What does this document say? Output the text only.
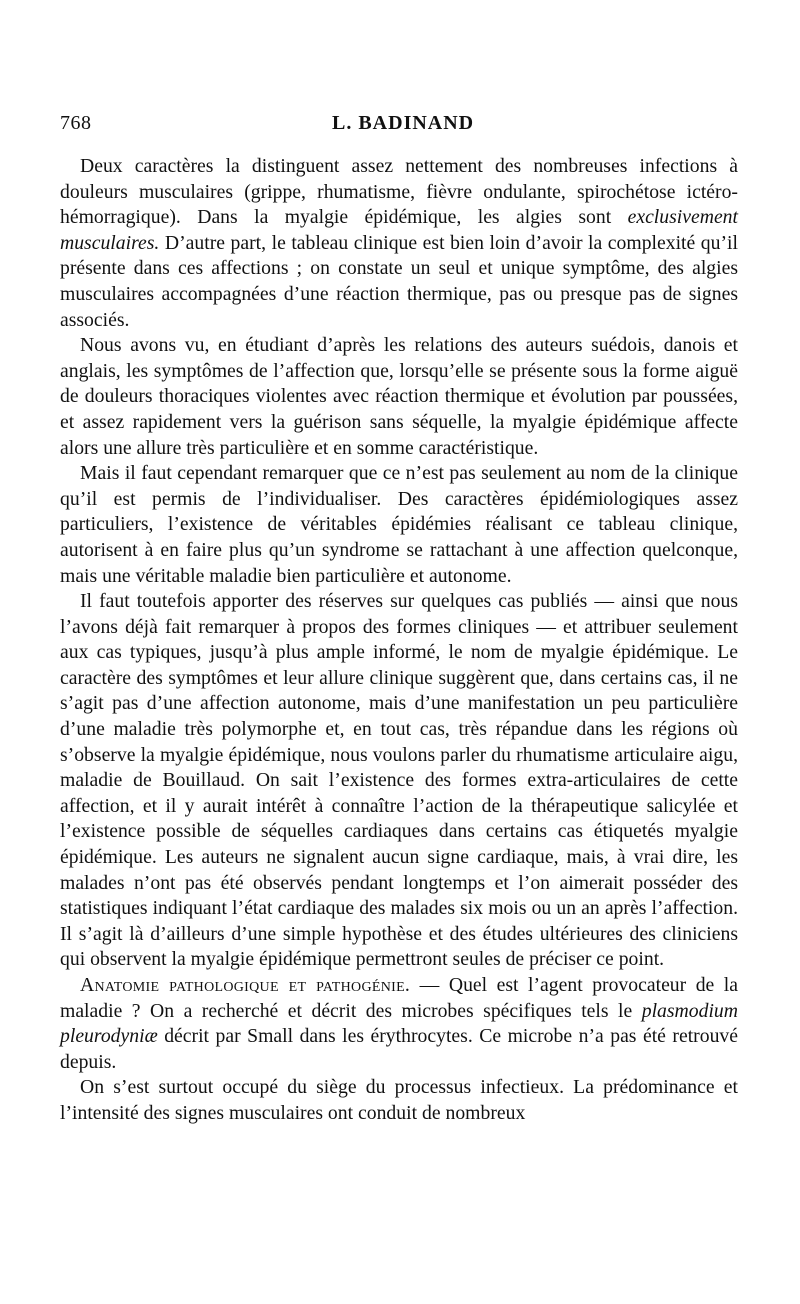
768	L. BADINAND

Deux caractères la distinguent assez nettement des nombreuses infections à douleurs musculaires (grippe, rhumatisme, fièvre ondulante, spirochétose ictéro-hémorragique). Dans la myalgie épidémique, les algies sont exclusivement musculaires. D’autre part, le tableau clinique est bien loin d’avoir la complexité qu’il présente dans ces affections ; on constate un seul et unique symptôme, des algies musculaires accompagnées d’une réaction thermique, pas ou presque pas de signes associés.

Nous avons vu, en étudiant d’après les relations des auteurs suédois, danois et anglais, les symptômes de l’affection que, lorsqu’elle se présente sous la forme aiguë de douleurs thoraciques violentes avec réaction thermique et évolution par poussées, et assez rapidement vers la guérison sans séquelle, la myalgie épidémique affecte alors une allure très particulière et en somme caractéristique.

Mais il faut cependant remarquer que ce n’est pas seulement au nom de la clinique qu’il est permis de l’individualiser. Des caractères épidémiologiques assez particuliers, l’existence de véritables épidémies réalisant ce tableau clinique, autorisent à en faire plus qu’un syndrome se rattachant à une affection quelconque, mais une véritable maladie bien particulière et autonome.

Il faut toutefois apporter des réserves sur quelques cas publiés — ainsi que nous l’avons déjà fait remarquer à propos des formes cliniques — et attribuer seulement aux cas typiques, jusqu’à plus ample informé, le nom de myalgie épidémique. Le caractère des symptômes et leur allure clinique suggèrent que, dans certains cas, il ne s’agit pas d’une affection autonome, mais d’une manifestation un peu particulière d’une maladie très polymorphe et, en tout cas, très répandue dans les régions où s’observe la myalgie épidémique, nous voulons parler du rhumatisme articulaire aigu, maladie de Bouillaud. On sait l’existence des formes extra-articulaires de cette affection, et il y aurait intérêt à connaître l’action de la thérapeutique salicylée et l’existence possible de séquelles cardiaques dans certains cas étiquetés myalgie épidémique. Les auteurs ne signalent aucun signe cardiaque, mais, à vrai dire, les malades n’ont pas été observés pendant longtemps et l’on aimerait posséder des statistiques indiquant l’état cardiaque des malades six mois ou un an après l’affection. Il s’agit là d’ailleurs d’une simple hypothèse et des études ultérieures des cliniciens qui observent la myalgie épidémique permettront seules de préciser ce point.

Anatomie pathologique et pathogénie. — Quel est l’agent provocateur de la maladie ? On a recherché et décrit des microbes spécifiques tels le plasmodium pleurodyniæ décrit par Small dans les érythrocytes. Ce microbe n’a pas été retrouvé depuis.

On s’est surtout occupé du siège du processus infectieux. La prédominance et l’intensité des signes musculaires ont conduit de nombreux
